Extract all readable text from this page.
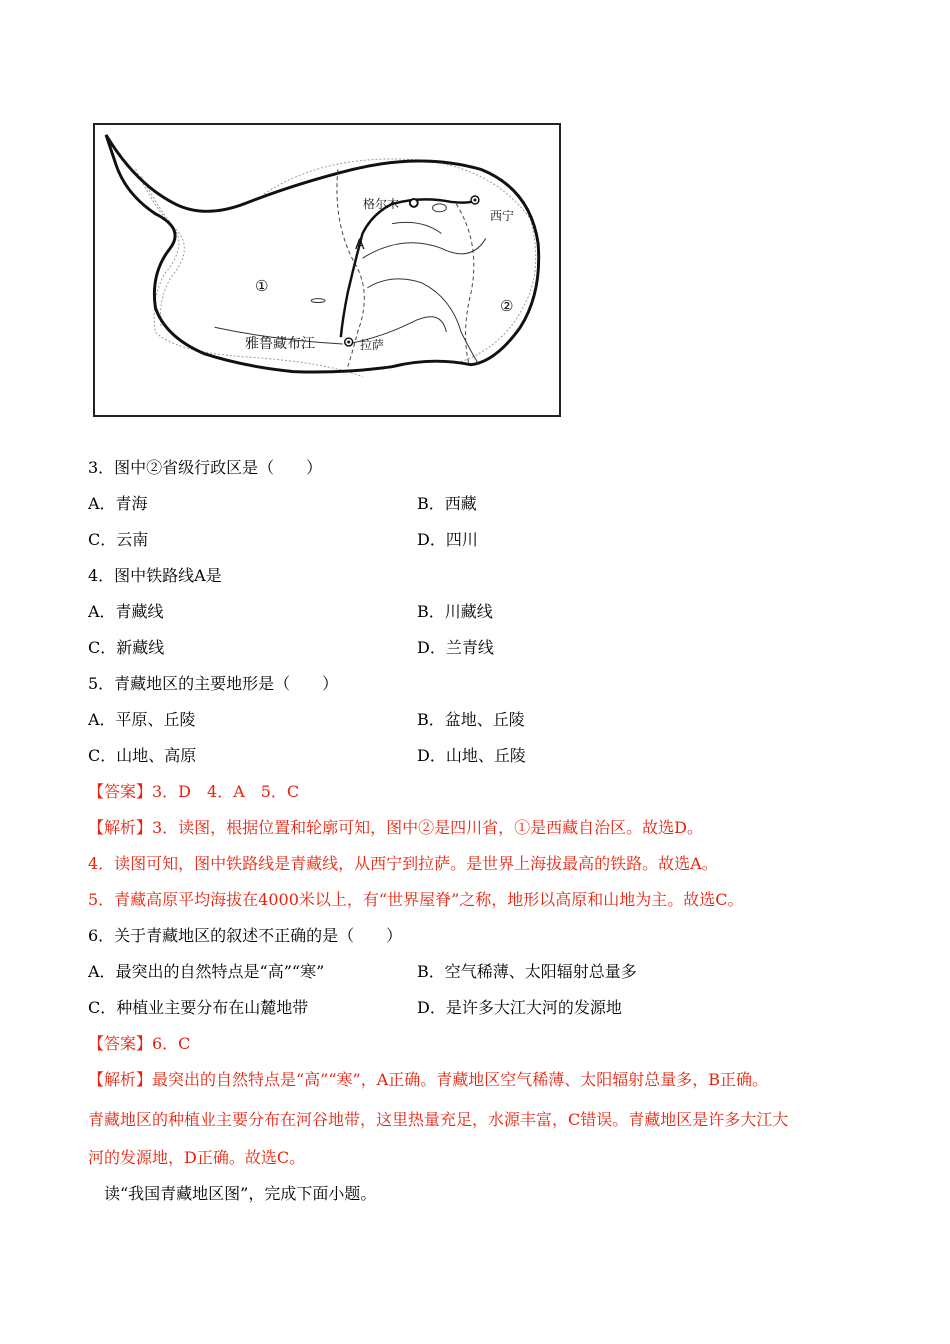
格尔木
西宁
A
①
②
雅鲁藏布江	拉萨
3．图中②省级行政区是（　　）
A．青海	B．西藏
C．云南	D．四川
4．图中铁路线A是
A．青藏线	B．川藏线
C．新藏线	D．兰青线
5．青藏地区的主要地形是（　　）
A．平原、丘陵	B．盆地、丘陵
C．山地、高原	D．山地、丘陵
【答案】3．D　4．A　5．C
【解析】3．读图，根据位置和轮廓可知，图中②是四川省，①是西藏自治区。故选D。
4．读图可知，图中铁路线是青藏线，从西宁到拉萨。是世界上海拔最高的铁路。故选A。
5．青藏高原平均海拔在4000米以上，有“世界屋脊”之称，地形以高原和山地为主。故选C。
6．关于青藏地区的叙述不正确的是（　　）
A．最突出的自然特点是“高”“寒”	B．空气稀薄、太阳辐射总量多
C．种植业主要分布在山麓地带	D．是许多大江大河的发源地
【答案】6．C
【解析】最突出的自然特点是“高”“寒”，A正确。青藏地区空气稀薄、太阳辐射总量多，B正确。
青藏地区的种植业主要分布在河谷地带，这里热量充足，水源丰富，C错误。青藏地区是许多大江大
河的发源地，D正确。故选C。
读“我国青藏地区图”，完成下面小题。
